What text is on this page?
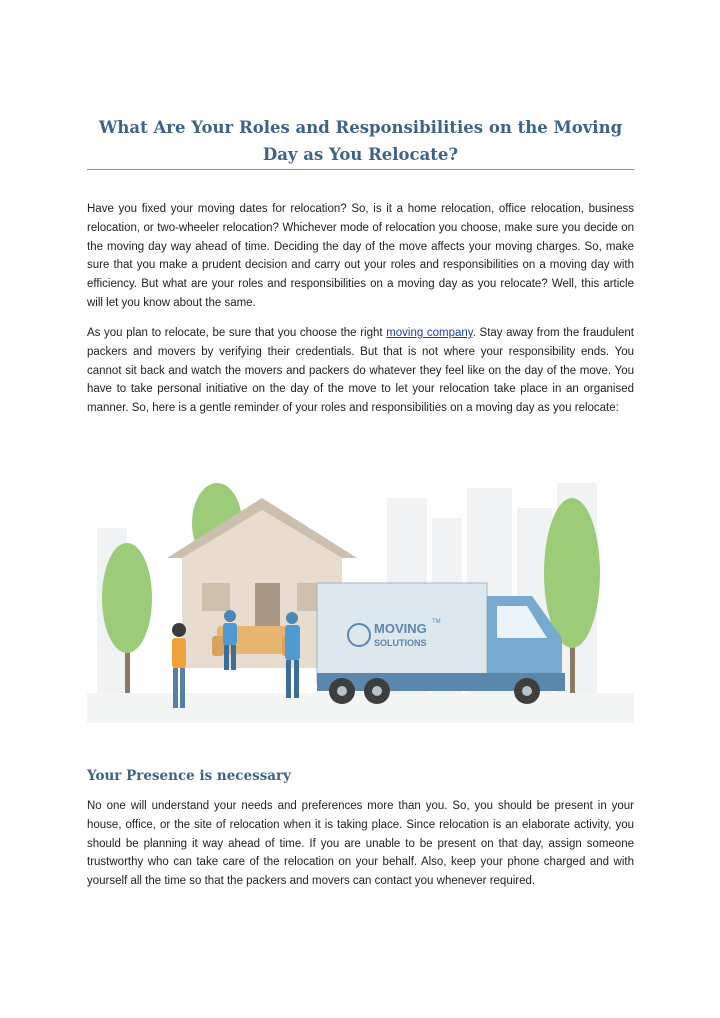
What Are Your Roles and Responsibilities on the Moving Day as You Relocate?

Have you fixed your moving dates for relocation? So, is it a home relocation, office relocation, business relocation, or two-wheeler relocation? Whichever mode of relocation you choose, make sure you decide on the moving day way ahead of time. Deciding the day of the move affects your moving charges. So, make sure that you make a prudent decision and carry out your roles and responsibilities on a moving day with efficiency. But what are your roles and responsibilities on a moving day as you relocate? Well, this article will let you know about the same.

As you plan to relocate, be sure that you choose the right moving company. Stay away from the fraudulent packers and movers by verifying their credentials. But that is not where your responsibility ends. You cannot sit back and watch the movers and packers do whatever they feel like on the day of the move. You have to take personal initiative on the day of the move to let your relocation take place in an organised manner. So, here is a gentle reminder of your roles and responsibilities on a moving day as you relocate:

MOVING
SOLUTIONS
TM
Your Presence is necessary

No one will understand your needs and preferences more than you. So, you should be present in your house, office, or the site of relocation when it is taking place. Since relocation is an elaborate activity, you should be planning it way ahead of time. If you are unable to be present on that day, assign someone trustworthy who can take care of the relocation on your behalf. Also, keep your phone charged and with yourself all the time so that the packers and movers can contact you whenever required.
